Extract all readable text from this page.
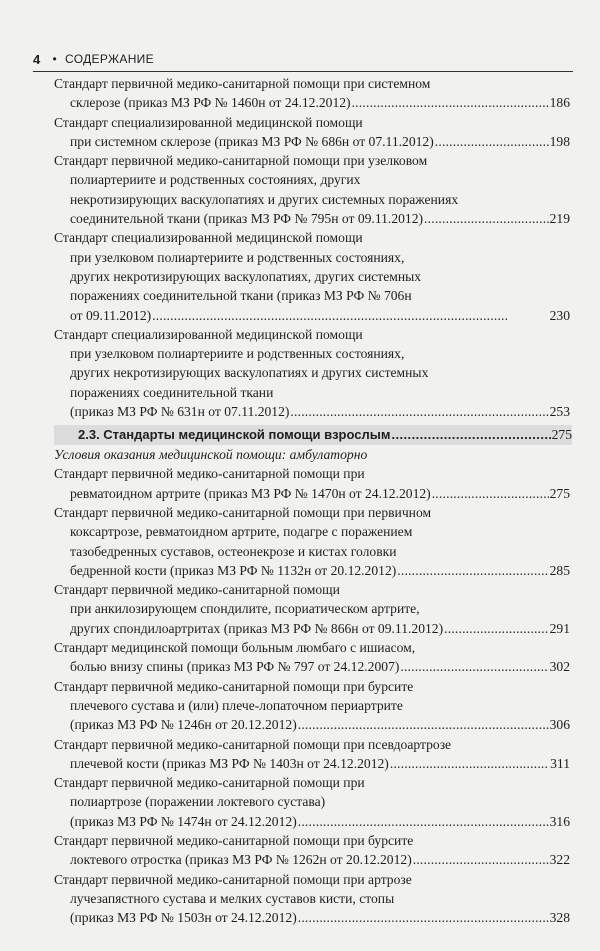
4 • СОДЕРЖАНИЕ
Стандарт первичной медико-санитарной помощи при системном
склерозе (приказ МЗ РФ № 1460н от 24.12.2012) . . .	186
Стандарт специализированной медицинской помощи
при системном склерозе (приказ МЗ РФ № 686н от 07.11.2012) . . .	198
Стандарт первичной медико-санитарной помощи при узелковом
полиартериите и родственных состояниях, других
некротизирующих васкулопатиях и других системных поражениях
соединительной ткани (приказ МЗ РФ № 795н от 09.11.2012) . . .	219
Стандарт специализированной медицинской помощи
при узелковом полиартериите и родственных состояниях,
других некротизирующих васкулопатиях, других системных
поражениях соединительной ткани (приказ МЗ РФ № 706н
от 09.11.2012) . . .	230
Стандарт специализированной медицинской помощи
при узелковом полиартериите и родственных состояниях,
других некротизирующих васкулопатиях и других системных
поражениях соединительной ткани
(приказ МЗ РФ № 631н от 07.11.2012) . . .	253
2.3. Стандарты медицинской помощи взрослым . . .	275
Условия оказания медицинской помощи: амбулаторно
Стандарт первичной медико-санитарной помощи при
ревматоидном артрите (приказ МЗ РФ № 1470н от 24.12.2012) . . .	275
Стандарт первичной медико-санитарной помощи при первичном
коксартрозе, ревматоидном артрите, подагре с поражением
тазобедренных суставов, остеонекрозе и кистах головки
бедренной кости (приказ МЗ РФ № 1132н от 20.12.2012) . . .	285
Стандарт первичной медико-санитарной помощи
при анкилозирующем спондилите, псориатическом артрите,
других спондилоартритах (приказ МЗ РФ № 866н от 09.11.2012) . . .	291
Стандарт медицинской помощи больным люмбаго с ишиасом,
болью внизу спины (приказ МЗ РФ № 797 от 24.12.2007) . . .	302
Стандарт первичной медико-санитарной помощи при бурсите
плечевого сустава и (или) плече-лопаточном периартрите
(приказ МЗ РФ № 1246н от 20.12.2012) . . .	306
Стандарт первичной медико-санитарной помощи при псевдоартрозе
плечевой кости (приказ МЗ РФ № 1403н от 24.12.2012) . . .	311
Стандарт первичной медико-санитарной помощи при
полиартрозе (поражении локтевого сустава)
(приказ МЗ РФ № 1474н от 24.12.2012) . . .	316
Стандарт первичной медико-санитарной помощи при бурсите
локтевого отростка (приказ МЗ РФ № 1262н от 20.12.2012) . . .	322
Стандарт первичной медико-санитарной помощи при артрозе
лучезапястного сустава и мелких суставов кисти, стопы
(приказ МЗ РФ № 1503н от 24.12.2012) . . .	328
